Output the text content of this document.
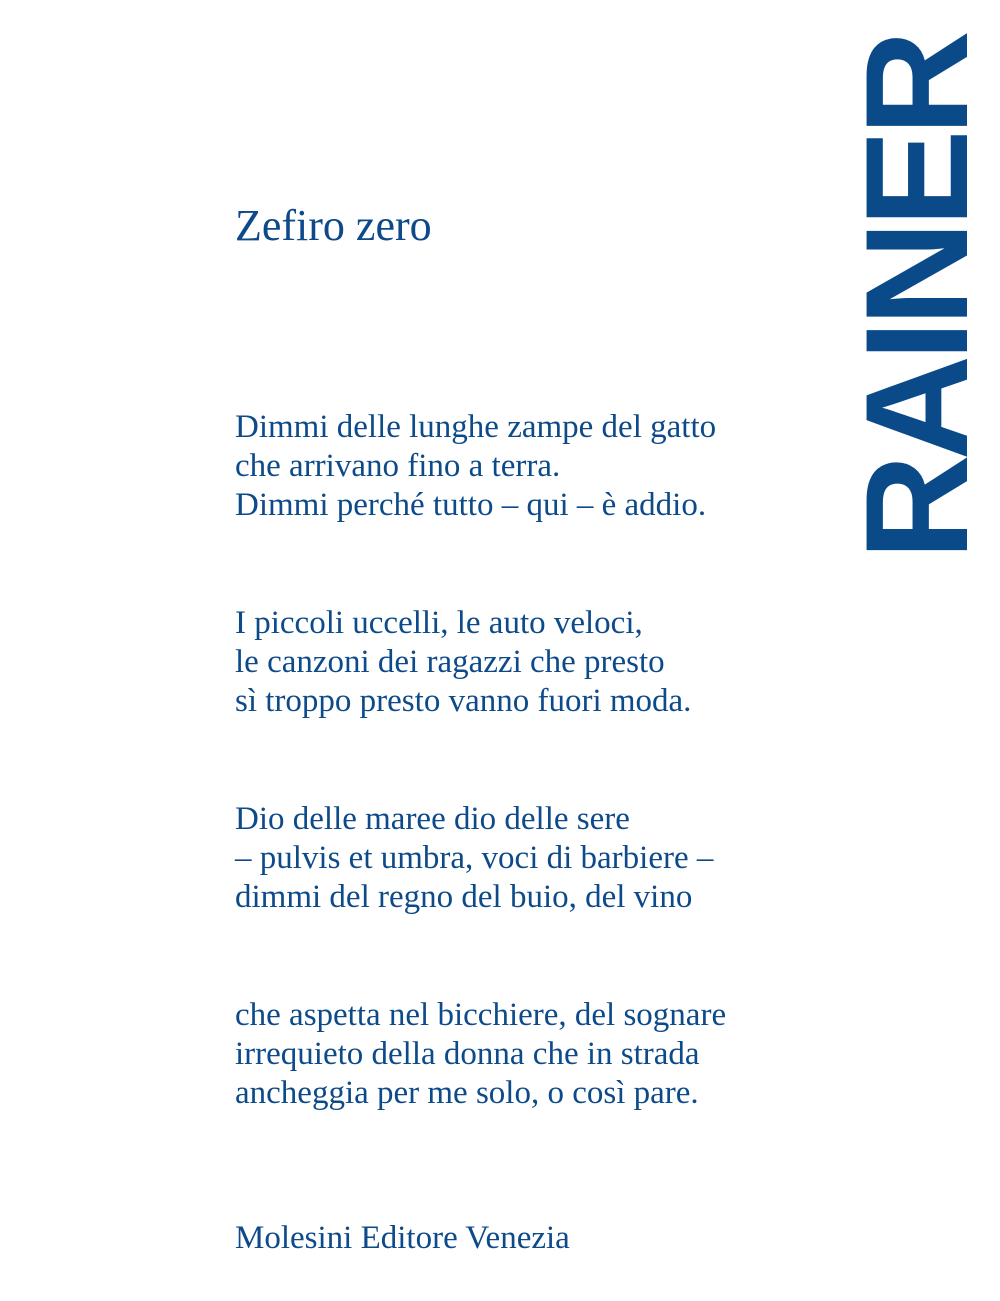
RAINER
Zefiro zero
Dimmi delle lunghe zampe del gatto
che arrivano fino a terra.
Dimmi perché tutto – qui – è addio.
I piccoli uccelli, le auto veloci,
le canzoni dei ragazzi che presto
sì troppo presto vanno fuori moda.
Dio delle maree dio delle sere
– pulvis et umbra, voci di barbiere –
dimmi del regno del buio, del vino
che aspetta nel bicchiere, del sognare
irrequieto della donna che in strada
ancheggia per me solo, o così pare.
Molesini Editore Venezia
